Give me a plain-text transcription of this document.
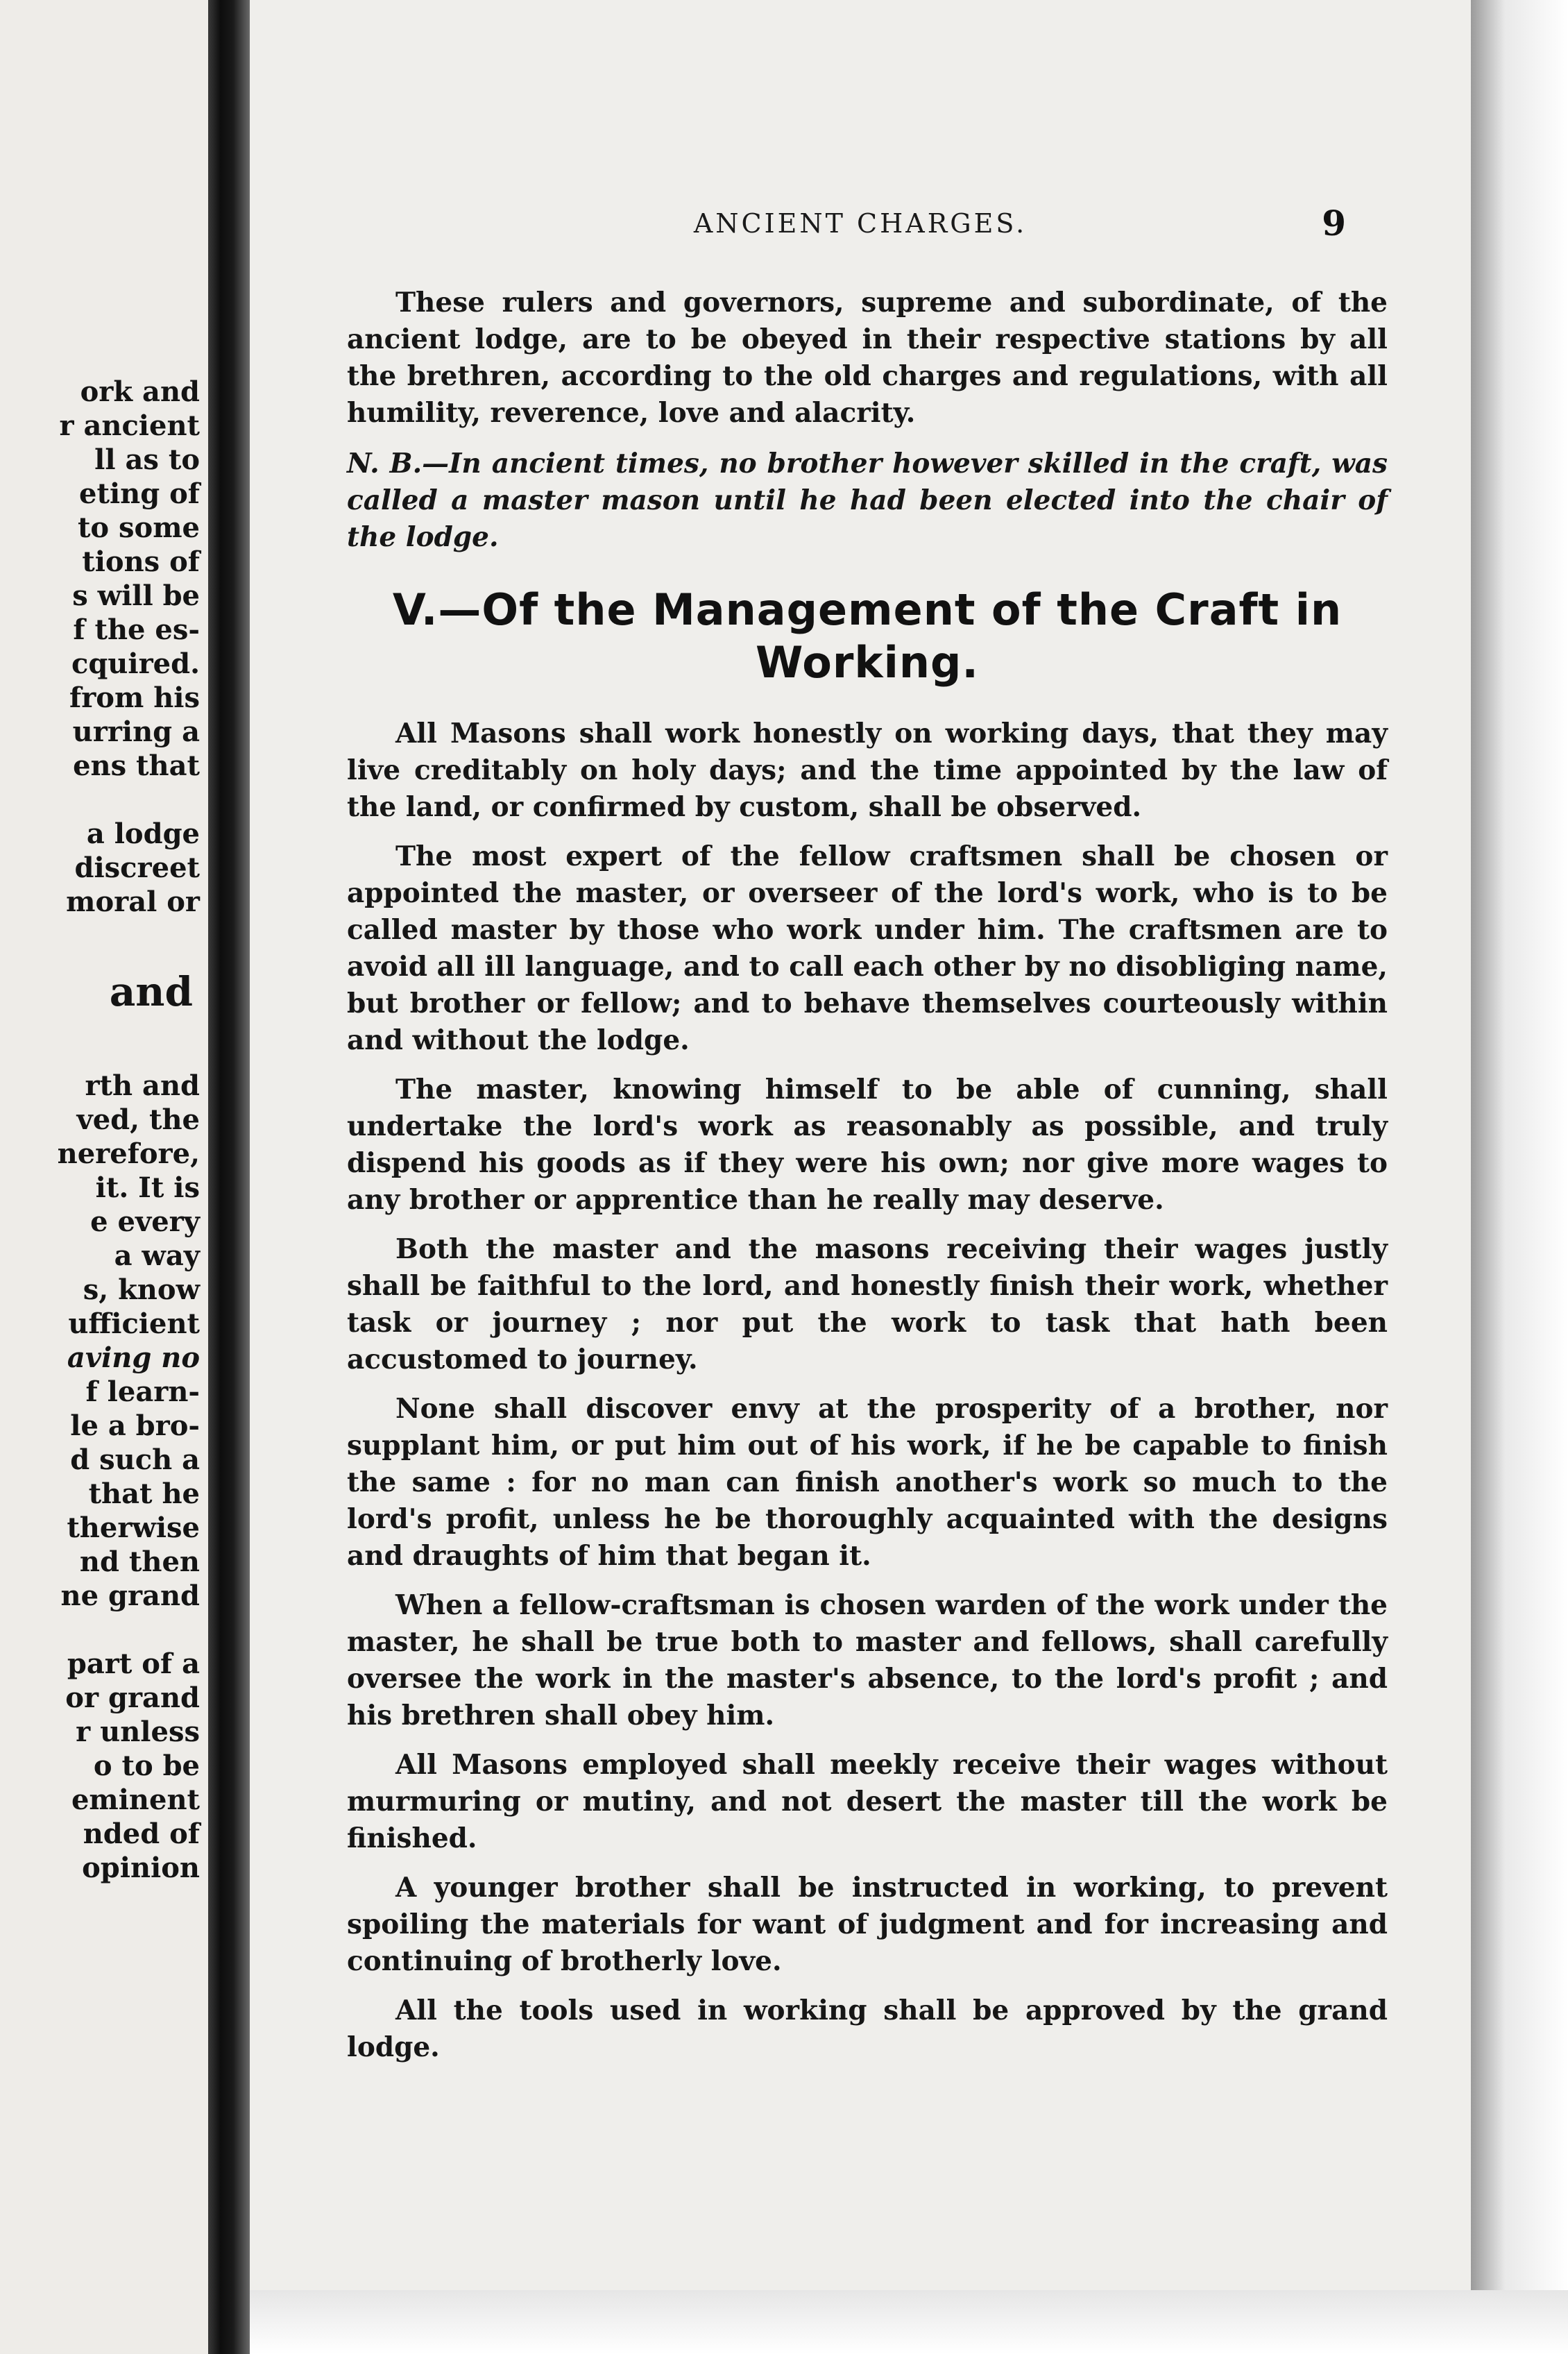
ork and
r ancient
ll as to
eting of
to some
tions of
s will be
f the es-
cquired.
from his
urring a
ens that

a lodge
discreet
moral or
and
rth and
ved, the
nerefore,
it. It is
e every
a way
s, know
ufficient
aving no
f learn-
le a bro-
d such a
that he
therwise
nd then
ne grand

part of a
or grand
r unless
o to be
eminent
nded of
opinion
ANCIENT CHARGES.	9

These rulers and governors, supreme and subordinate, of the ancient lodge, are to be obeyed in their respective stations by all the brethren, according to the old charges and regulations, with all humility, reverence, love and alacrity.

N. B.—In ancient times, no brother however skilled in the craft, was called a master mason until he had been elected into the chair of the lodge.

V.—Of the Management of the Craft in Working.

All Masons shall work honestly on working days, that they may live creditably on holy days; and the time appointed by the law of the land, or confirmed by custom, shall be observed.

The most expert of the fellow craftsmen shall be chosen or appointed the master, or overseer of the lord's work, who is to be called master by those who work under him. The craftsmen are to avoid all ill language, and to call each other by no disobliging name, but brother or fellow; and to behave themselves courteously within and without the lodge.

The master, knowing himself to be able of cunning, shall undertake the lord's work as reasonably as possible, and truly dispend his goods as if they were his own; nor give more wages to any brother or apprentice than he really may deserve.

Both the master and the masons receiving their wages justly shall be faithful to the lord, and honestly finish their work, whether task or journey ; nor put the work to task that hath been accustomed to journey.

None shall discover envy at the prosperity of a brother, nor supplant him, or put him out of his work, if he be capable to finish the same : for no man can finish another's work so much to the lord's profit, unless he be thoroughly acquainted with the designs and draughts of him that began it.

When a fellow-craftsman is chosen warden of the work under the master, he shall be true both to master and fellows, shall carefully oversee the work in the master's absence, to the lord's profit ; and his brethren shall obey him.

All Masons employed shall meekly receive their wages without murmuring or mutiny, and not desert the master till the work be finished.

A younger brother shall be instructed in working, to prevent spoiling the materials for want of judgment and for increasing and continuing of brotherly love.

All the tools used in working shall be approved by the grand lodge.
